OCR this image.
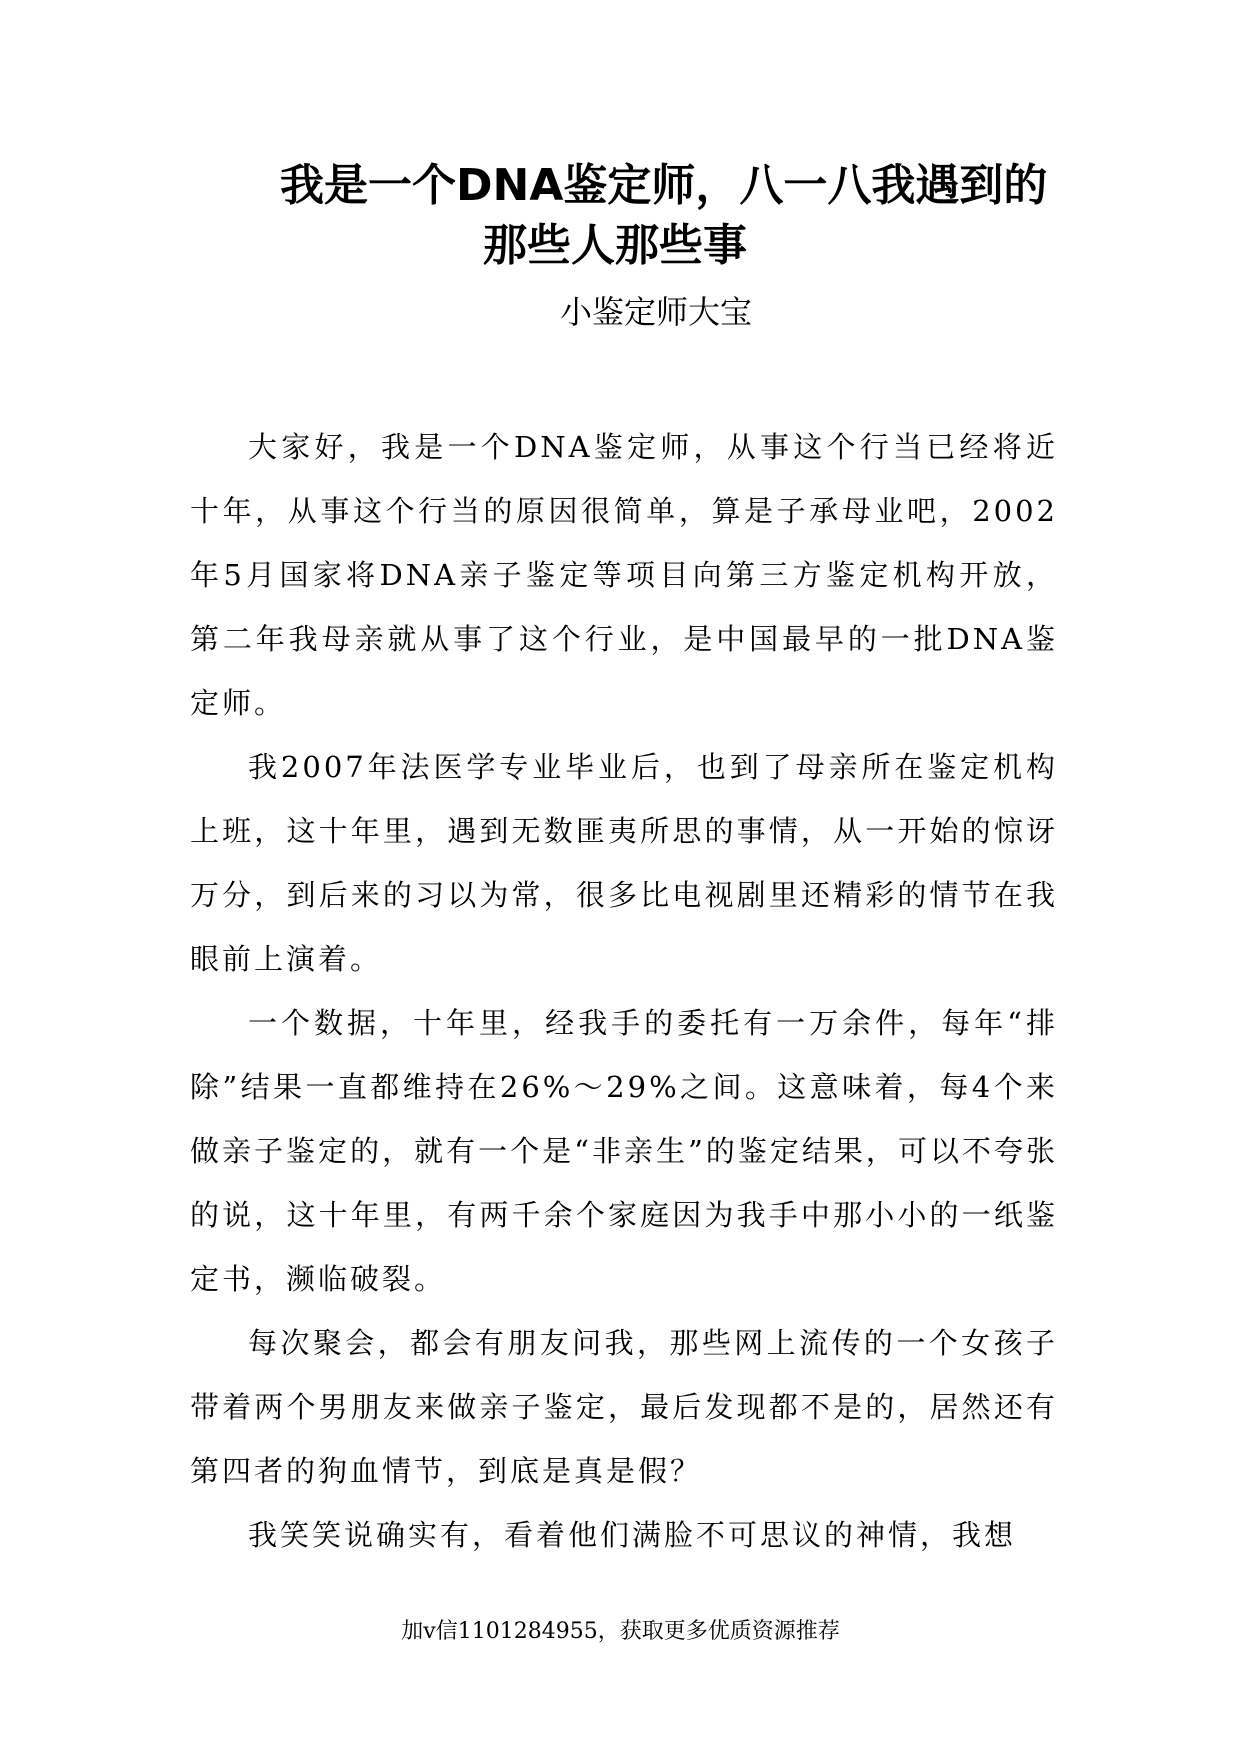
我是一个DNA鉴定师，八一八我遇到的
那些人那些事

小鉴定师大宝

大家好，我是一个DNA鉴定师，从事这个行当已经将近十年，从事这个行当的原因很简单，算是子承母业吧，2002年5月国家将DNA亲子鉴定等项目向第三方鉴定机构开放，第二年我母亲就从事了这个行业，是中国最早的一批DNA鉴定师。

我2007年法医学专业毕业后，也到了母亲所在鉴定机构上班，这十年里，遇到无数匪夷所思的事情，从一开始的惊讶万分，到后来的习以为常，很多比电视剧里还精彩的情节在我眼前上演着。

一个数据，十年里，经我手的委托有一万余件，每年“排除”结果一直都维持在26%～29%之间。这意味着，每4个来做亲子鉴定的，就有一个是“非亲生”的鉴定结果，可以不夸张的说，这十年里，有两千余个家庭因为我手中那小小的一纸鉴定书，濒临破裂。

每次聚会，都会有朋友问我，那些网上流传的一个女孩子带着两个男朋友来做亲子鉴定，最后发现都不是的，居然还有第四者的狗血情节，到底是真是假？

我笑笑说确实有，看着他们满脸不可思议的神情，我想

加v信1101284955，获取更多优质资源推荐
